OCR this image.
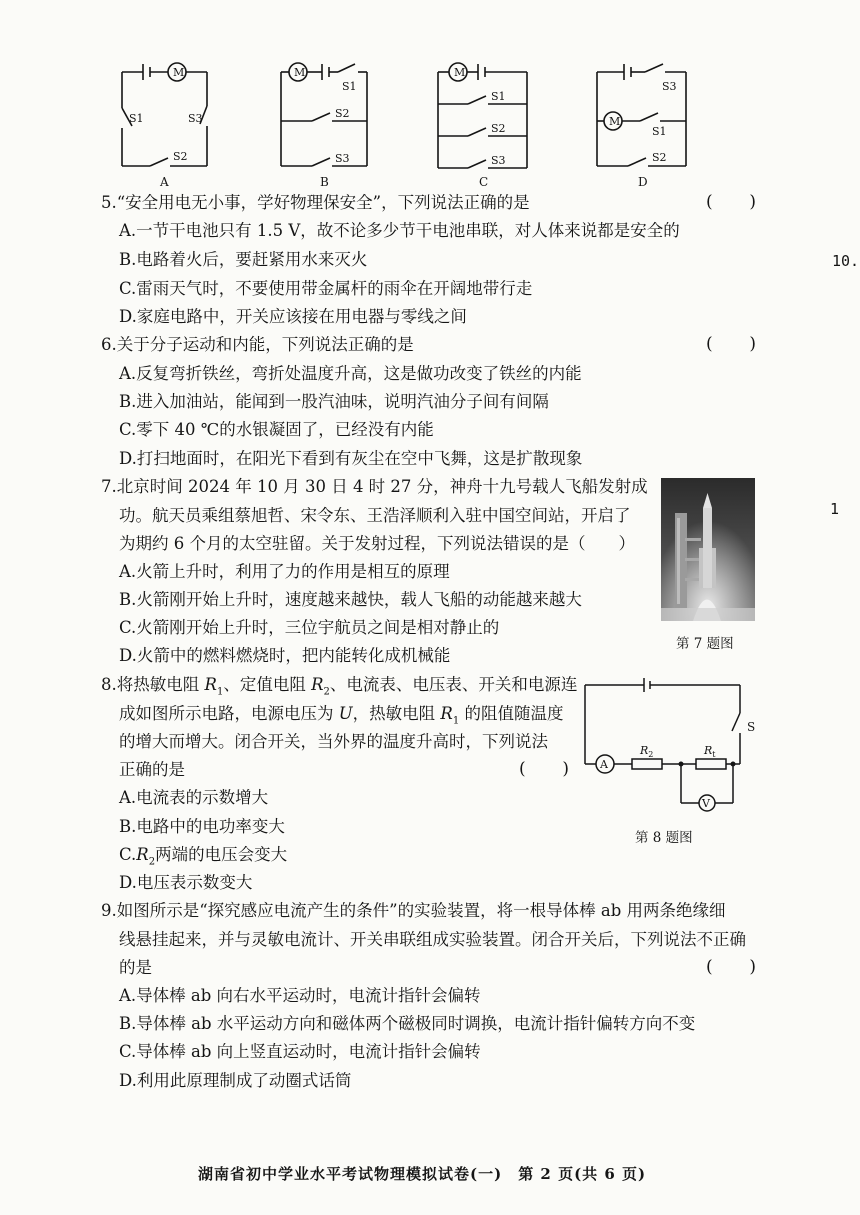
M	M	M
M
S1	S3
S2
S1
S2
S3
S1
S2
S3
S3
S1
S2
A	B	C	D
5.“安全用电无小事，学好物理保安全”，下列说法正确的是	( )
A.一节干电池只有 1.5 V，故不论多少节干电池串联，对人体来说都是安全的
B.电路着火后，要赶紧用水来灭火
C.雷雨天气时，不要使用带金属杆的雨伞在开阔地带行走
D.家庭电路中，开关应该接在用电器与零线之间
6.关于分子运动和内能，下列说法正确的是	( )
A.反复弯折铁丝，弯折处温度升高，这是做功改变了铁丝的内能
B.进入加油站，能闻到一股汽油味，说明汽油分子间有间隔
C.零下 40 ℃的水银凝固了，已经没有内能
D.打扫地面时，在阳光下看到有灰尘在空中飞舞，这是扩散现象
7.北京时间 2024 年 10 月 30 日 4 时 27 分，神舟十九号载人飞船发射成
功。航天员乘组蔡旭哲、宋令东、王浩泽顺利入驻中国空间站，开启了
为期约 6 个月的太空驻留。关于发射过程，下列说法错误的是（　　）
A.火箭上升时，利用了力的作用是相互的原理
B.火箭刚开始上升时，速度越来越快，载人飞船的动能越来越大
C.火箭刚开始上升时，三位宇航员之间是相对静止的
D.火箭中的燃料燃烧时，把内能转化成机械能
第 7 题图
8.将热敏电阻 $R_1$、定值电阻 $R_2$、电流表、电压表、开关和电源连
成如图所示电路，电源电压为 U，热敏电阻 $R_1$ 的阻值随温度
的增大而增大。闭合开关，当外界的温度升高时，下列说法
正确的是	( )
A.电流表的示数增大
B.电路中的电功率变大
$C.R_2$两端的电压会变大
D.电压表示数变大
S
A
V
$R_2$	$R_t$
第 8 题图
9.如图所示是“探究感应电流产生的条件”的实验装置，将一根导体棒 ab 用两条绝缘细
线悬挂起来，并与灵敏电流计、开关串联组成实验装置。闭合开关后，下列说法不正确
的是	( )
A.导体棒 ab 向右水平运动时，电流计指针会偏转
B.导体棒 ab 水平运动方向和磁体两个磁极同时调换，电流计指针偏转方向不变
C.导体棒 ab 向上竖直运动时，电流计指针会偏转
D.利用此原理制成了动圈式话筒
10.
1
湖南省初中学业水平考试物理模拟试卷(一)　第 2 页(共 6 页)
